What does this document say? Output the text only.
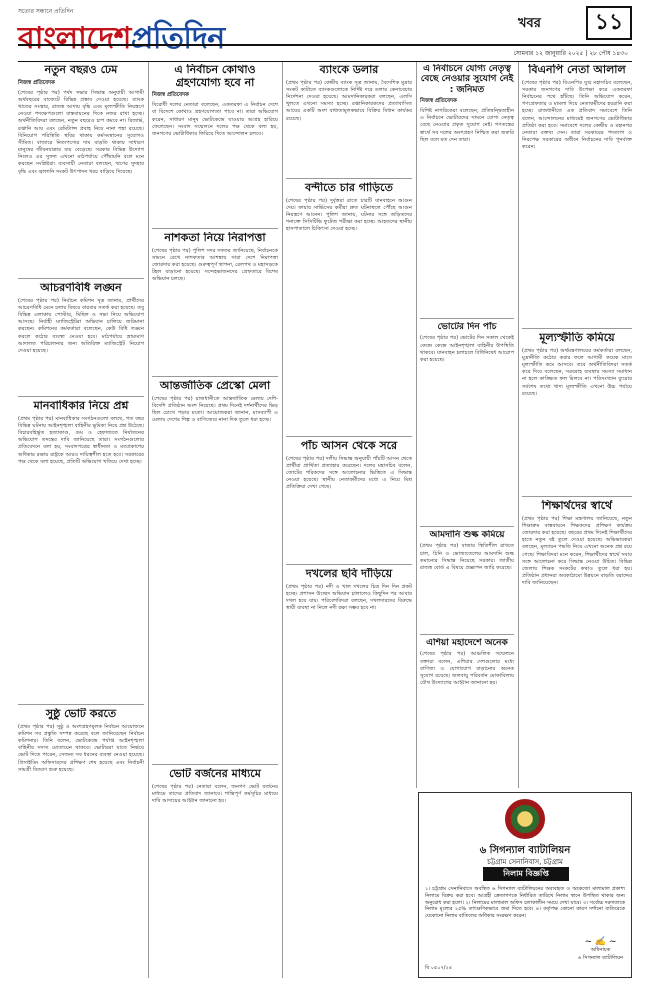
সত্যের সন্ধানে প্রতিদিন
বাংলাদেশপ্রতিদিন	খবর	১১
সোমবার ১২ জানুয়ারি ২০২৫ | ২৮ পৌষ ১৪৩০
নতুন বছরও ঢেম
নিজস্ব প্রতিবেদক
(শেষের পৃষ্ঠার পর) পর্ষদ সভার সিদ্ধান্ত অনুযায়ী আগামী অর্থবছরের বাজেটে বিভিন্ন প্রস্তাব দেওয়া হয়েছে। ব্যাংক খাতের সংস্কার, রাজস্ব আদায় বৃদ্ধি এবং মূল্যস্ফীতি নিয়ন্ত্রণে নেওয়া পদক্ষেপগুলো বাস্তবায়নের দিকে নজর রাখা হচ্ছে। অর্থনীতিবিদরা বলছেন, নতুন বছরেও চাপ কমবে না। রিজার্ভ, রপ্তানি আয় এবং রেমিট্যান্স প্রবাহ নিয়ে নানা শঙ্কা রয়েছে। বিনিয়োগ পরিস্থিতি স্থবির থাকায় কর্মসংস্থানের সুযোগও সীমিত। বাজারে নিত্যপণ্যের দাম বাড়তি থাকায় সাধারণ মানুষের জীবনযাত্রার ব্যয় বেড়েছে। সরকার বিভিন্ন উদ্যোগ নিলেও এর সুফল এখনো মাঠপর্যায়ে পৌঁছায়নি বলে মনে করছেন সংশ্লিষ্টরা। ব্যবসায়ী নেতারা বলছেন, ঋণের সুদহার বৃদ্ধি এবং জ্বালানি সংকট উৎপাদন খরচ বাড়িয়ে দিয়েছে।
আচরণবিধি লঙ্ঘন
(শেষের পৃষ্ঠার পর) নির্বাচন কমিশন সূত্র জানায়, প্রার্থীদের আচরণবিধি মেনে চলার বিষয়ে বারবার সতর্ক করা হয়েছে। তবু বিভিন্ন এলাকায় পোস্টার, মিছিল ও সভা নিয়ে অভিযোগ আসছে। নির্বাহী ম্যাজিস্ট্রেটরা অভিযান চালিয়ে জরিমানা করছেন। কমিশনের কর্মকর্তারা বলেছেন, কেউ বিধি লঙ্ঘন করলে কঠোর ব্যবস্থা নেওয়া হবে। মাঠপর্যায়ে ভ্রাম্যমাণ আদালত পরিচালনার জন্য অতিরিক্ত ম্যাজিস্ট্রেট নিয়োগ দেওয়া হয়েছে।
মানবাধিকার নিয়ে প্রশ্ন
(প্রথম পৃষ্ঠার পর) মানবাধিকার সংগঠনগুলো বলছে, গত বছর বিভিন্ন ঘটনায় আইনশৃঙ্খলা বাহিনীর ভূমিকা নিয়ে প্রশ্ন উঠেছে। বিচারবহির্ভূত হত্যাকাণ্ড, গুম ও হেফাজতে নির্যাতনের অভিযোগ তদন্তের দাবি জানিয়েছে তারা। সংগঠনগুলোর প্রতিবেদনে বলা হয়, সংবাদপত্রের স্বাধীনতা ও মতপ্রকাশের অধিকার রক্ষায় রাষ্ট্রকে আরও দায়িত্বশীল হতে হবে। সরকারের পক্ষ থেকে বলা হয়েছে, প্রতিটি অভিযোগ খতিয়ে দেখা হচ্ছে।
সুষ্ঠু ভোট করতে
(প্রথম পৃষ্ঠার পর) সুষ্ঠু ও অংশগ্রহণমূলক নির্বাচন আয়োজনে কমিশন সব প্রস্তুতি সম্পন্ন করেছে বলে জানিয়েছেন নির্বাচন কমিশনার। তিনি বলেন, ভোটকেন্দ্রে পর্যাপ্ত আইনশৃঙ্খলা বাহিনীর সদস্য মোতায়েন থাকবে। ভোটাররা যাতে নির্ভয়ে ভোট দিতে পারেন, সেজন্য সব ধরনের ব্যবস্থা নেওয়া হয়েছে। প্রিসাইডিং অফিসারদের প্রশিক্ষণ শেষ হয়েছে এবং নির্বাচনী সামগ্রী বিতরণ শুরু হয়েছে।
এ নির্বাচন কোথাও গ্রহণযোগ্য হবে না
নিজস্ব প্রতিবেদক
বিরোধী দলের নেতারা বলেছেন, একতরফা এ নির্বাচন দেশে বা বিদেশে কোথাও গ্রহণযোগ্যতা পাবে না। তারা অভিযোগ করেন, সাধারণ মানুষ ভোটকেন্দ্রে যাওয়ার আগ্রহ হারিয়ে ফেলেছেন। সংবাদ সম্মেলনে দলের পক্ষ থেকে বলা হয়, জনগণের ভোটাধিকার ফিরিয়ে দিতে আন্দোলন চলবে।
নাশকতা নিয়ে নিরাপত্তা
(শেষের পৃষ্ঠার পর) পুলিশ সদর দফতর জানিয়েছে, নির্বাচনকে সামনে রেখে নাশকতার আশঙ্কায় সারা দেশে নিরাপত্তা জোরদার করা হয়েছে। গুরুত্বপূর্ণ স্থাপনা, রেলপথ ও মহাসড়কে টহল বাড়ানো হয়েছে। সন্দেহভাজনদের গ্রেফতারে বিশেষ অভিযান চলছে।
আন্তর্জাতিক প্রেস্কো মেলা
(শেষের পৃষ্ঠার পর) রাজধানীতে আন্তর্জাতিক মেলায় দেশি-বিদেশি প্রতিষ্ঠান অংশ নিয়েছে। প্রথম দিনেই দর্শনার্থীদের ভিড় ছিল চোখে পড়ার মতো। আয়োজকরা জানান, মাসব্যাপী এ মেলায় দেশের শিল্প ও বাণিজ্যের নানা দিক তুলে ধরা হচ্ছে।
ভোট বর্জনের মাধ্যমে
(শেষের পৃষ্ঠার পর) নেতারা বলেন, জনগণ ভোট বর্জনের মাধ্যমে তাদের প্রতিবাদ জানাবে। শান্তিপূর্ণ কর্মসূচির মাধ্যমে দাবি আদায়ের আহ্বান জানানো হয়।
ব্যাংকে ডলার
(প্রথম পৃষ্ঠার পর) কেন্দ্রীয় ব্যাংক সূত্র জানায়, বৈদেশিক মুদ্রার সংকট কাটাতে ব্যাংকগুলোকে নির্দিষ্ট দরে ডলার কেনাবেচার নির্দেশনা দেওয়া হয়েছে। আমদানিকারকরা বলছেন, এলসি খুলতে এখনো সমস্যা হচ্ছে। রপ্তানিকারকদের প্রত্যাবাসিত আয়ের একটি অংশ বাধ্যতামূলকভাবে বিক্রির বিধান কার্যকর রয়েছে।
বন্দীতে চার গাড়িতে
(শেষের পৃষ্ঠার পর) দুর্বৃত্তরা রাতে চারটি যানবাহনে আগুন দেয়। ফায়ার সার্ভিসের কর্মীরা দ্রুত ঘটনাস্থলে পৌঁছে আগুন নিয়ন্ত্রণে আনেন। পুলিশ জানায়, ঘটনার সঙ্গে জড়িতদের শনাক্তে সিসিটিভি ফুটেজ পরীক্ষা করা হচ্ছে। আহতদের স্থানীয় হাসপাতালে চিকিৎসা দেওয়া হচ্ছে।
পাঁচ আসন থেকে সরে
(শেষের পৃষ্ঠার পর) দলীয় সিদ্ধান্ত অনুযায়ী পাঁচটি আসন থেকে প্রার্থীরা প্রার্থিতা প্রত্যাহার করেছেন। দলের মহাসচিব বলেন, জোটের শরিকদের সঙ্গে আলোচনার ভিত্তিতে এ সিদ্ধান্ত নেওয়া হয়েছে। স্থানীয় নেতাকর্মীদের মধ্যে এ নিয়ে মিশ্র প্রতিক্রিয়া দেখা গেছে।
দখলের ছবি দাঁড়িয়ে
(প্রথম পৃষ্ঠার পর) নদী ও খাল দখলের চিত্র দিন দিন প্রকট হচ্ছে। প্রশাসন উচ্ছেদ অভিযান চালালেও কিছুদিন পর আবার দখল হয়ে যায়। পরিবেশবিদরা বলছেন, দখলদারদের বিরুদ্ধে স্থায়ী ব্যবস্থা না নিলে নদী রক্ষা সম্ভব হবে না।
এ নির্বাচনে যোগ্য নেতৃত্ব বেছে নেওয়ার সুযোগ নেই : জনিমত
নিজস্ব প্রতিবেদক
বিশিষ্ট নাগরিকেরা বলেছেন, প্রতিদ্বন্দ্বিতাহীন এ নির্বাচনে ভোটারদের সামনে যোগ্য নেতৃত্ব বেছে নেওয়ার প্রকৃত সুযোগ নেই। গণতন্ত্রের স্বার্থে সব দলের অংশগ্রহণ নিশ্চিত করা জরুরি ছিল বলে মত দেন তারা।
ভোটের দিন পাঁচ
(শেষের পৃষ্ঠার পর) ভোটের দিন সকাল থেকেই কেন্দ্রে কেন্দ্রে আইনশৃঙ্খলা বাহিনীর উপস্থিতি থাকবে। যানবাহন চলাচলে বিধিনিষেধ আরোপ করা হয়েছে।
আমদানি শুল্ক কমিয়ে
(প্রথম পৃষ্ঠার পর) বাজার স্থিতিশীল রাখতে চাল, চিনি ও ভোজ্যতেলের আমদানি শুল্ক কমানোর সিদ্ধান্ত নিয়েছে সরকার। জাতীয় রাজস্ব বোর্ড এ বিষয়ে প্রজ্ঞাপন জারি করেছে।
এশিয়া মহাদেশে অনেক
(শেষের পৃষ্ঠার পর) আঞ্চলিক সম্মেলনে বক্তারা বলেন, এশিয়ার দেশগুলোর মধ্যে বাণিজ্য ও যোগাযোগ বাড়ানোর অনেক সুযোগ রয়েছে। জলবায়ু পরিবর্তন মোকাবিলায় যৌথ উদ্যোগের আহ্বান জানানো হয়।
বিএনপি নেতা আলাল
(শেষের পৃষ্ঠার পর) বিএনপির যুগ্ম মহাসচিব বলেছেন, সরকার জনগণের দাবি উপেক্ষা করে একতরফা নির্বাচনের পথে হাঁটছে। তিনি অভিযোগ করেন, গণগ্রেফতার ও মামলা দিয়ে নেতাকর্মীদের হয়রানি করা হচ্ছে। রাজধানীতে এক প্রতিবাদ সমাবেশে তিনি বলেন, আন্দোলনের মাধ্যমেই জনগণের ভোটাধিকার প্রতিষ্ঠা করা হবে। সমাবেশে দলের কেন্দ্রীয় ও মহানগর নেতারা বক্তব্য দেন। তারা সরকারের পদত্যাগ ও নিরপেক্ষ সরকারের অধীনে নির্বাচনের দাবি পুনর্ব্যক্ত করেন।
মূল্যস্ফীতি কমিয়ে
(প্রথম পৃষ্ঠার পর) অর্থমন্ত্রণালয়ের কর্মকর্তারা বলছেন, মুদ্রানীতি কঠোর করার ফলে আগামী কয়েক মাসে মূল্যস্ফীতি কমে আসবে। তবে অর্থনীতিবিদরা সতর্ক করে দিয়ে বলেছেন, সরবরাহ ব্যবস্থার সমস্যা সমাধান না হলে কাঙ্ক্ষিত ফল মিলবে না। পরিসংখ্যান ব্যুরোর সর্বশেষ তথ্যে খাদ্য মূল্যস্ফীতি এখনো উচ্চ পর্যায়ে রয়েছে।
শিক্ষার্থদের স্বার্থে
(প্রথম পৃষ্ঠার পর) শিক্ষা মন্ত্রণালয় জানিয়েছে, নতুন শিক্ষাক্রম বাস্তবায়নে শিক্ষকদের প্রশিক্ষণ কার্যক্রম জোরদার করা হয়েছে। বছরের প্রথম দিনেই শিক্ষার্থীদের হাতে নতুন বই তুলে দেওয়া হয়েছে। অভিভাবকরা বলছেন, মূল্যায়ন পদ্ধতি নিয়ে এখনো অনেক প্রশ্ন রয়ে গেছে। শিক্ষাবিদরা মনে করেন, শিক্ষার্থীদের স্বার্থে সবার সঙ্গে আলোচনা করে সিদ্ধান্ত নেওয়া উচিত। বিভিন্ন জেলায় শিক্ষক সংকটের কথাও তুলে ধরা হয়। প্রতিষ্ঠান প্রধানরা অবকাঠামো উন্নয়নে বাড়তি বরাদ্দের দাবি জানিয়েছেন।
৬ সিগন্যাল ব্যাটালিয়ন
চট্টগ্রাম সেনানিবাস, চট্টগ্রাম
নিলাম বিজ্ঞপ্তি
১। চট্টগ্রাম সেনানিবাসে অবস্থিত ৬ সিগন্যাল ব্যাটালিয়নের অব্যবহৃত ও অকেজো মালামাল প্রকাশ্য নিলামে বিক্রয় করা হবে। আগ্রহী ক্রেতাগণকে নির্ধারিত তারিখে নিলাম স্থানে উপস্থিত থাকার জন্য অনুরোধ করা হলো। ২। নিলামের মালামাল অফিস চলাকালীন সময়ে দেখা যাবে। ৩। সর্বোচ্চ দরদাতাকে নিলাম মূল্যের ২৫% তাৎক্ষণিকভাবে জমা দিতে হবে। ৪। কর্তৃপক্ষ কোনো কারণ দর্শানো ব্যতিরেকে যেকোনো নিলাম বাতিলের অধিকার সংরক্ষণ করেন।
~ ✍ ~
অধিনায়ক
৬ সিগন্যাল ব্যাটালিয়ন
বি ০৫০৭/২৪
